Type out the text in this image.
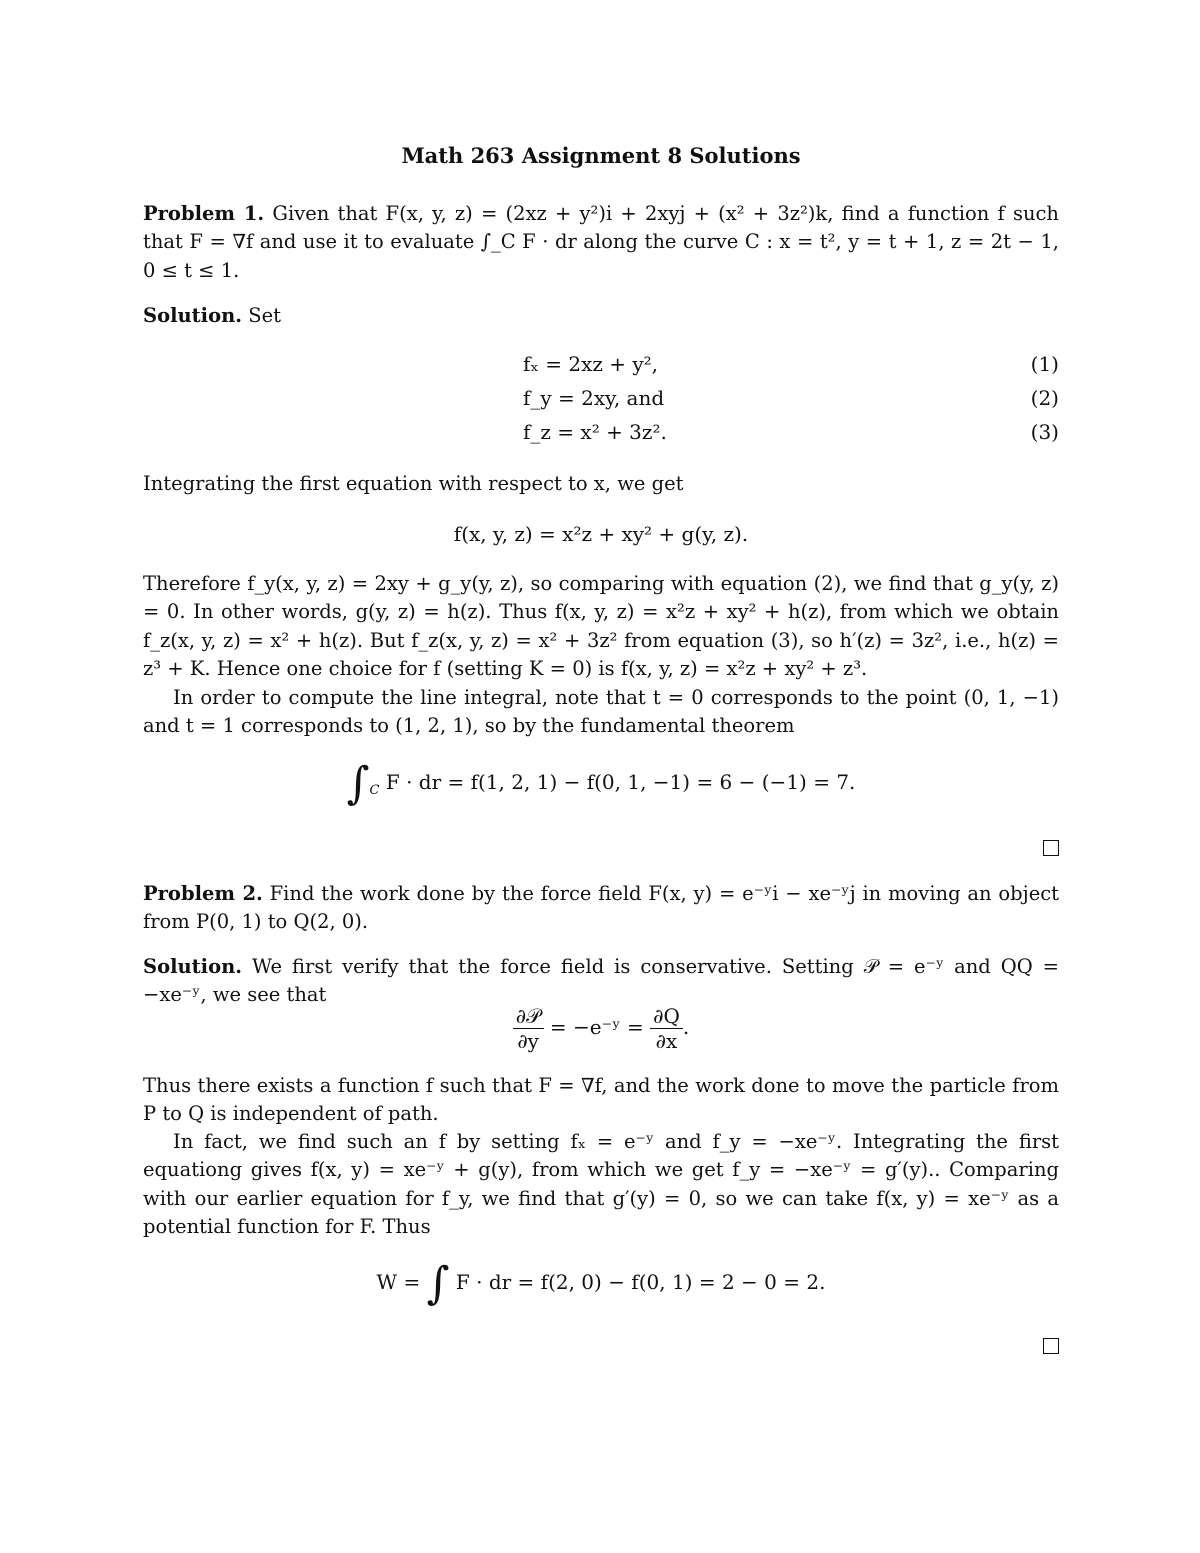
Math 263 Assignment 8 Solutions
Problem 1. Given that F(x, y, z) = (2xz + y²)i + 2xyj + (x² + 3z²)k, find a function f such that F = ∇f and use it to evaluate ∫_C F · dr along the curve C : x = t², y = t + 1, z = 2t − 1, 0 ≤ t ≤ 1.
Solution. Set
fₓ = 2xz + y²,	(1)
f_y = 2xy, and	(2)
f_z = x² + 3z².	(3)
Integrating the first equation with respect to x, we get
f(x, y, z) = x²z + xy² + g(y, z).
Therefore f_y(x, y, z) = 2xy + g_y(y, z), so comparing with equation (2), we find that g_y(y, z) = 0. In other words, g(y, z) = h(z). Thus f(x, y, z) = x²z + xy² + h(z), from which we obtain f_z(x, y, z) = x² + h(z). But f_z(x, y, z) = x² + 3z² from equation (3), so h′(z) = 3z², i.e., h(z) = z³ + K. Hence one choice for f (setting K = 0) is f(x, y, z) = x²z + xy² + z³.
In order to compute the line integral, note that t = 0 corresponds to the point (0, 1, −1) and t = 1 corresponds to (1, 2, 1), so by the fundamental theorem
$\int_C$ F · dr = f(1, 2, 1) − f(0, 1, −1) = 6 − (−1) = 7.
Problem 2. Find the work done by the force field F(x, y) = e⁻ʸi − xe⁻ʸj in moving an object from P(0, 1) to Q(2, 0).
Solution. We first verify that the force field is conservative. Setting 𝒫 = e⁻ʸ and QQ = −xe⁻ʸ, we see that
$\frac{\text{∂𝒫}}{\partial y}$ = −e⁻ʸ = $\frac{\partial Q}{\partial x}$ .
Thus there exists a function f such that F = ∇f, and the work done to move the particle from P to Q is independent of path.
In fact, we find such an f by setting fₓ = e⁻ʸ and f_y = −xe⁻ʸ. Integrating the first equationg gives f(x, y) = xe⁻ʸ + g(y), from which we get f_y = −xe⁻ʸ = g′(y).. Comparing with our earlier equation for f_y, we find that g′(y) = 0, so we can take f(x, y) = xe⁻ʸ as a potential function for F. Thus
W = ∫ F · dr = f(2, 0) − f(0, 1) = 2 − 0 = 2.
